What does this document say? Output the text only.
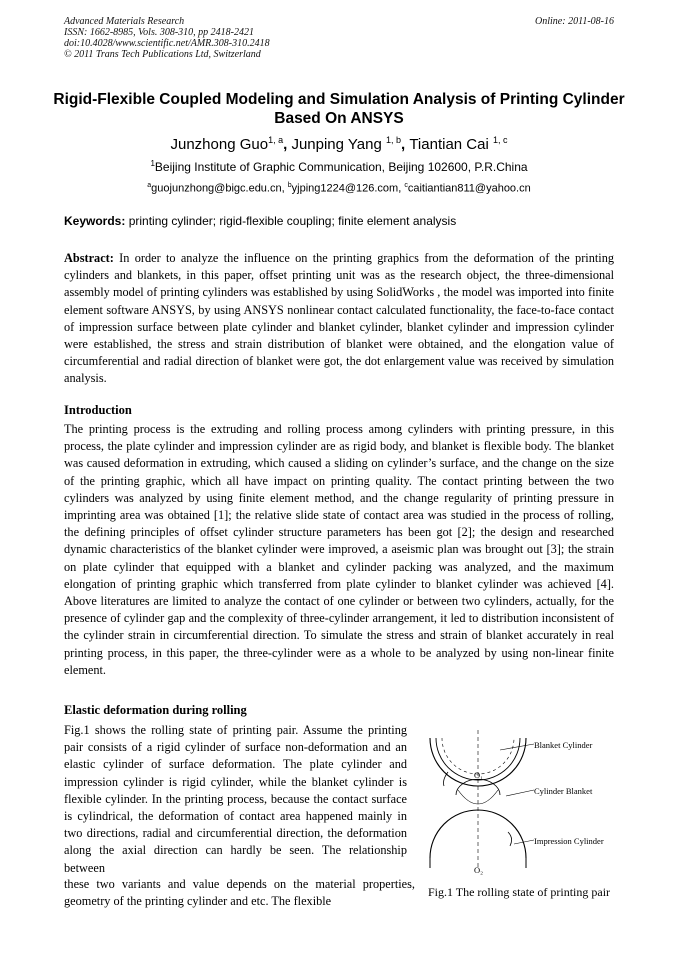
Advanced Materials Research
ISSN: 1662-8985, Vols. 308-310, pp 2418-2421
doi:10.4028/www.scientific.net/AMR.308-310.2418
© 2011 Trans Tech Publications Ltd, Switzerland
Online: 2011-08-16
Rigid-Flexible Coupled Modeling and Simulation Analysis of Printing Cylinder Based On ANSYS
Junzhong Guo$^{1, a}$, Junping Yang $^{1, b}$, Tiantian Cai $^{1, c}$
$^1$Beijing Institute of Graphic Communication, Beijing 102600, P.R.China
$^a$guojunzhong@bigc.edu.cn, $^b$yjping1224@126.com, $^c$caitiantian811@yahoo.cn
Keywords: printing cylinder; rigid-flexible coupling; finite element analysis
Abstract: In order to analyze the influence on the printing graphics from the deformation of the printing cylinders and blankets, in this paper, offset printing unit was as the research object, the three-dimensional assembly model of printing cylinders was established by using SolidWorks , the model was imported into finite element software ANSYS, by using ANSYS nonlinear contact calculated functionality, the face-to-face contact of impression surface between plate cylinder and blanket cylinder, blanket cylinder and impression cylinder were established, the stress and strain distribution of blanket were obtained, and the elongation value of circumferential and radial direction of blanket were got, the dot enlargement value was received by simulation analysis.
Introduction
The printing process is the extruding and rolling process among cylinders with printing pressure, in this process, the plate cylinder and impression cylinder are as rigid body, and blanket is flexible body. The blanket was caused deformation in extruding, which caused a sliding on cylinder’s surface, and the change on the size of the printing graphic, which all have impact on printing quality. The contact printing between the two cylinders was analyzed by using finite element method, and the change regularity of printing pressure in imprinting area was obtained [1]; the relative slide state of contact area was studied in the process of rolling, the defining principles of offset cylinder structure parameters has been got [2]; the design and researched dynamic characteristics of the blanket cylinder were improved, a aseismic plan was brought out [3]; the strain on plate cylinder that equipped with a blanket and cylinder packing was analyzed, and the maximum elongation of printing graphic which transferred from plate cylinder to blanket cylinder was achieved [4]. Above literatures are limited to analyze the contact of one cylinder or between two cylinders, actually, for the presence of cylinder gap and the complexity of three-cylinder arrangement, it led to distribution inconsistent of the cylinder strain in circumferential direction. To simulate the stress and strain of blanket accurately in real printing process, in this paper, the three-cylinder were as a whole to be analyzed by using non-linear finite element.
Elastic deformation during rolling
Fig.1 shows the rolling state of printing pair. Assume the printing pair consists of a rigid cylinder of surface non-deformation and an elastic cylinder of surface deformation. The plate cylinder and impression cylinder is rigid cylinder, while the blanket cylinder is flexible cylinder. In the printing process, because the contact surface is cylindrical, the deformation of contact area happened mainly in two directions, radial and circumferential direction, the deformation along the axial direction can hardly be seen. The relationship between
these two variants and value depends on the material properties, geometry of the printing cylinder and etc. The flexible
O₁
O₂
Blanket Cylinder
Cylinder Blanket
Impression Cylinder
Fig.1 The rolling state of printing pair
